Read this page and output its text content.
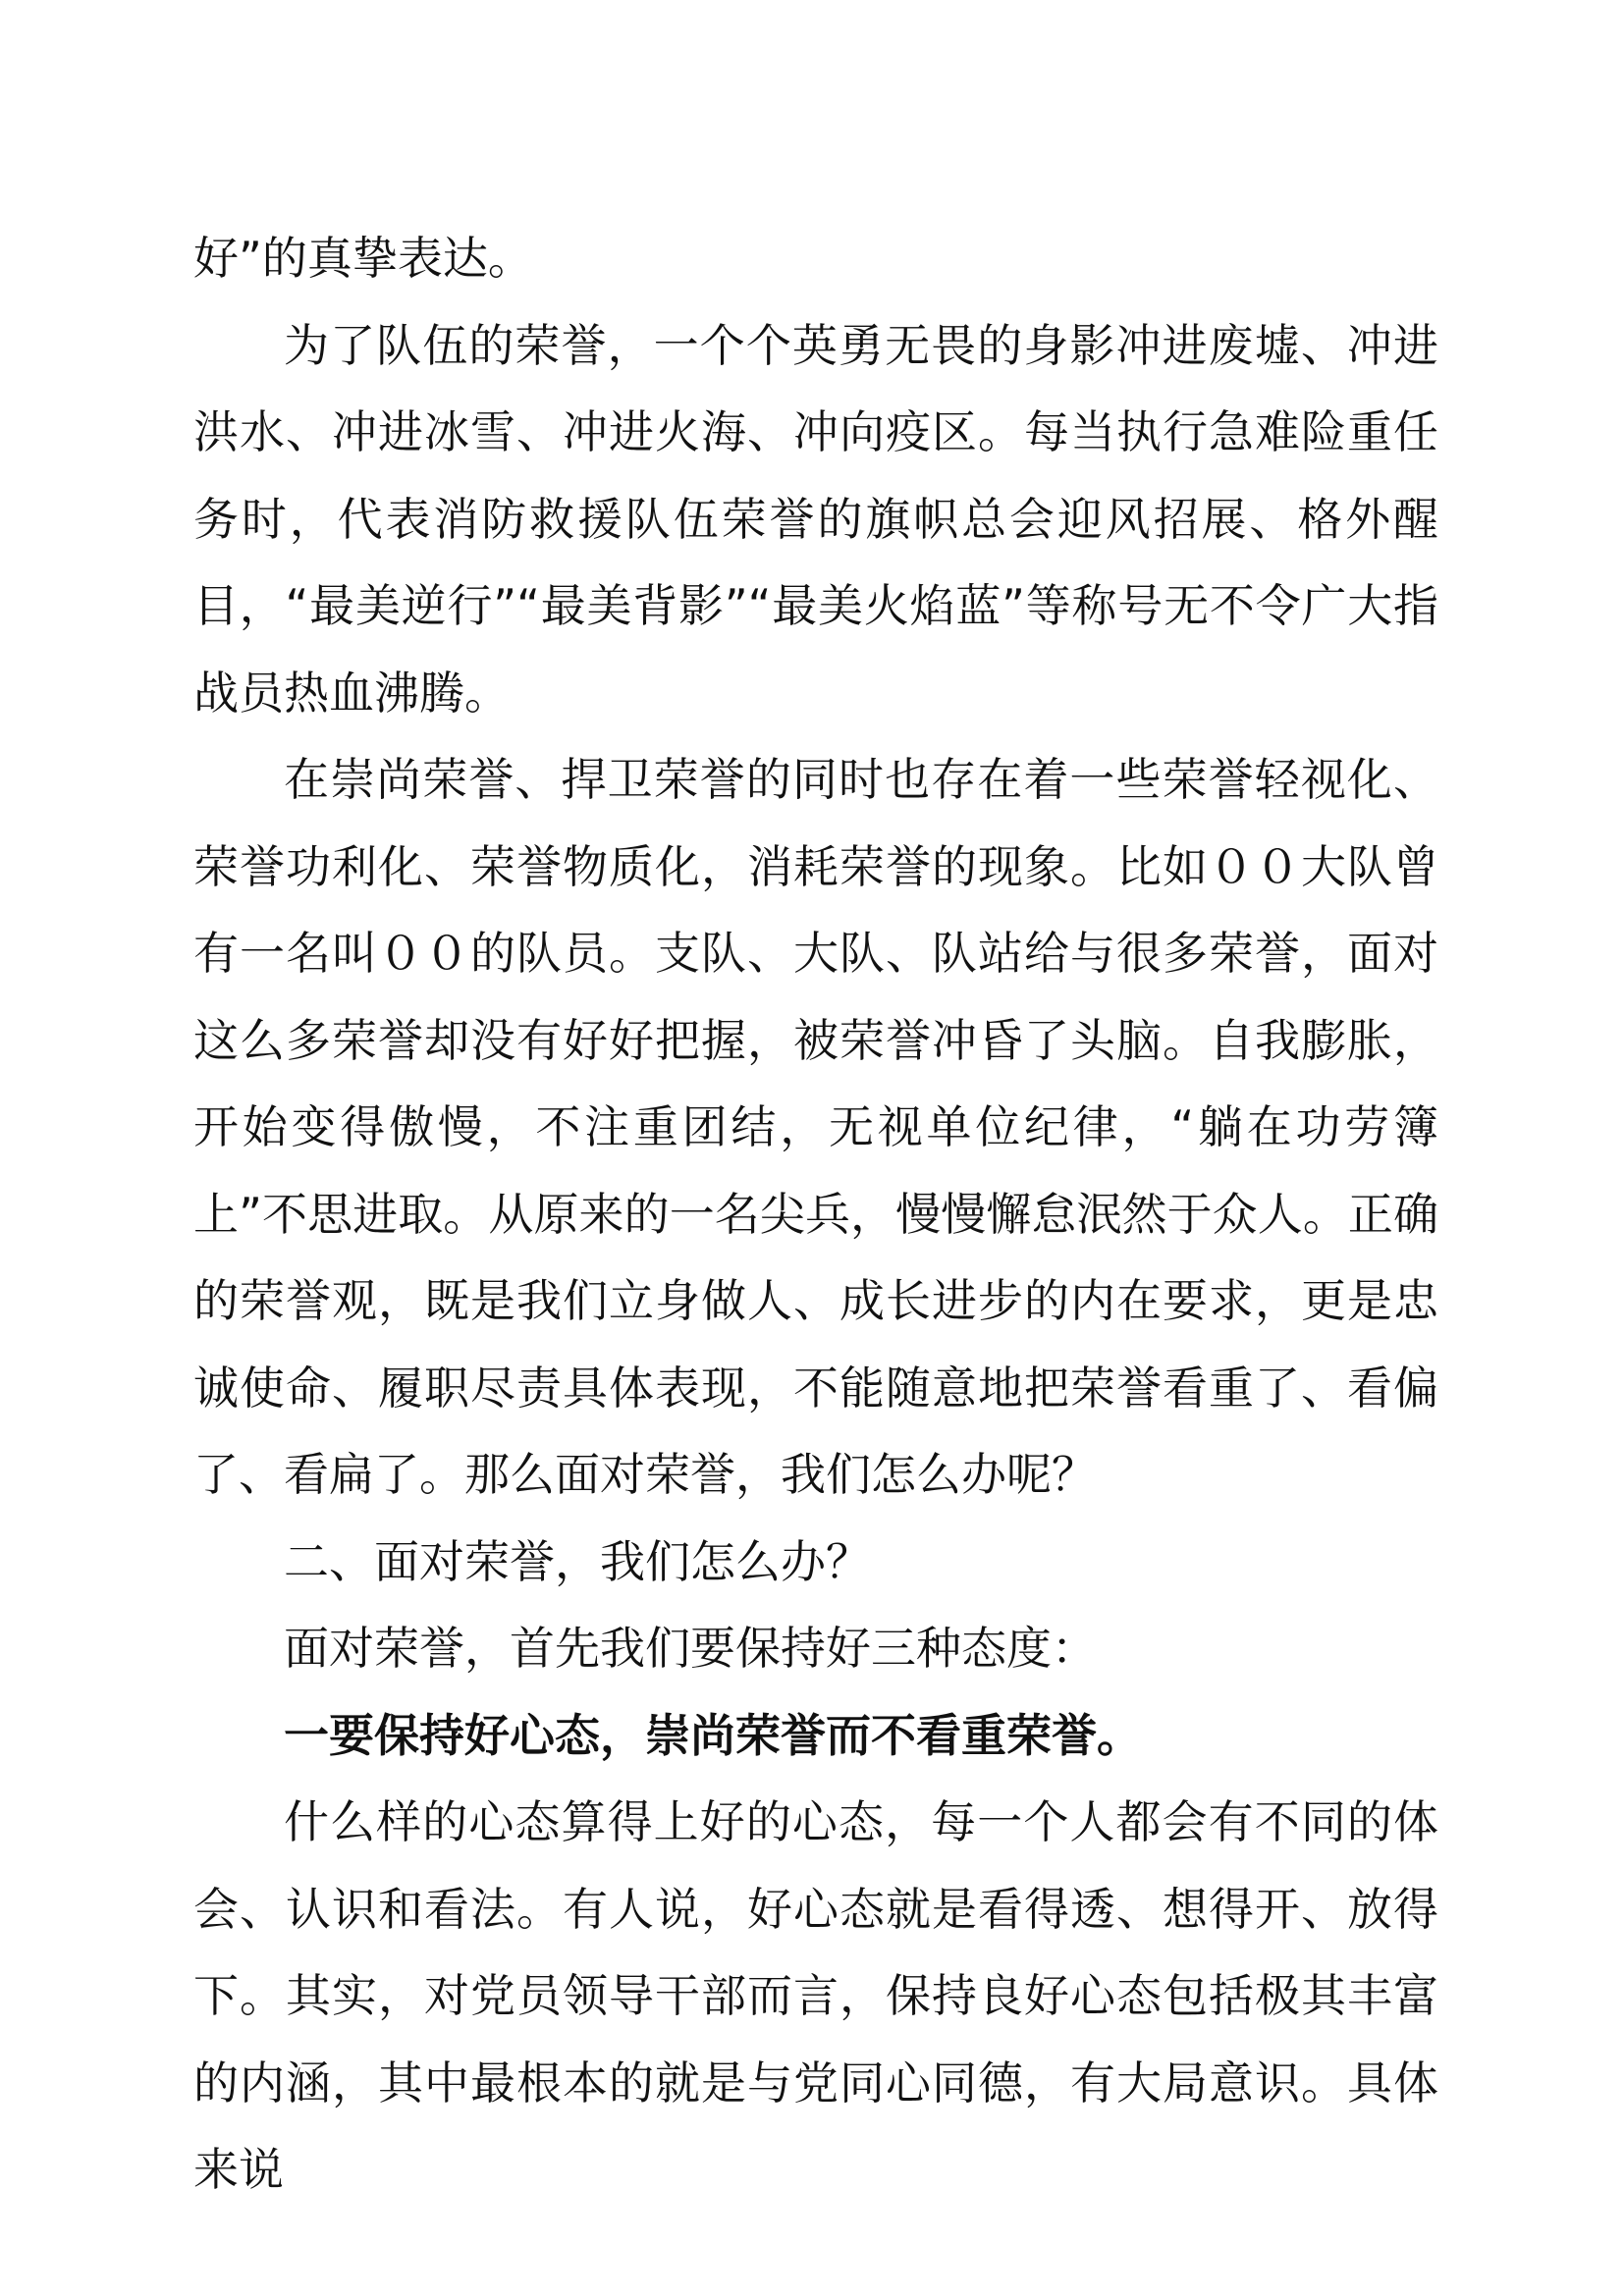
好”的真挚表达。

为了队伍的荣誉，一个个英勇无畏的身影冲进废墟、冲进洪水、冲进冰雪、冲进火海、冲向疫区。每当执行急难险重任务时，代表消防救援队伍荣誉的旗帜总会迎风招展、格外醒目，“最美逆行”“最美背影”“最美火焰蓝”等称号无不令广大指战员热血沸腾。

在崇尚荣誉、捍卫荣誉的同时也存在着一些荣誉轻视化、荣誉功利化、荣誉物质化，消耗荣誉的现象。比如００大队曾有一名叫００的队员。支队、大队、队站给与很多荣誉，面对这么多荣誉却没有好好把握，被荣誉冲昏了头脑。自我膨胀，开始变得傲慢，不注重团结，无视单位纪律，“躺在功劳簿上”不思进取。从原来的一名尖兵，慢慢懈怠泯然于众人。正确的荣誉观，既是我们立身做人、成长进步的内在要求，更是忠诚使命、履职尽责具体表现，不能随意地把荣誉看重了、看偏了、看扁了。那么面对荣誉，我们怎么办呢？

二、面对荣誉，我们怎么办？

面对荣誉，首先我们要保持好三种态度：

一要保持好心态，崇尚荣誉而不看重荣誉。

什么样的心态算得上好的心态，每一个人都会有不同的体会、认识和看法。有人说，好心态就是看得透、想得开、放得下。其实，对党员领导干部而言，保持良好心态包括极其丰富的内涵，其中最根本的就是与党同心同德，有大局意识。具体来说
